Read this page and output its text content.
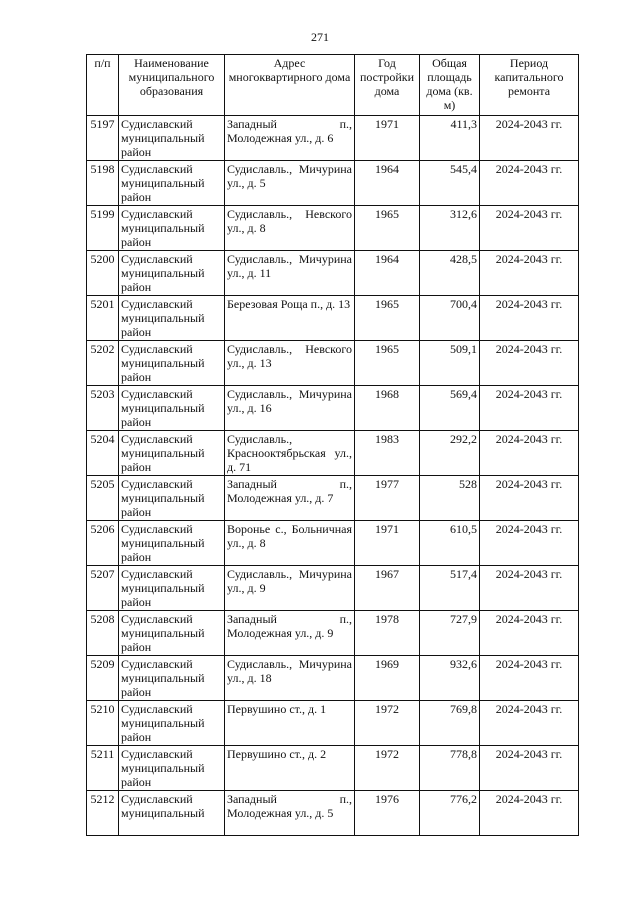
271
п/п	Наименование муниципального образования	Адрес многоквартирного дома	Год постройки дома	Общая площадь дома (кв. м)	Период капитального ремонта
5197	Судиславский муниципальный район	Западный п., Молодежная ул., д. 6	1971	411,3	2024-2043 гг.
5198	Судиславский муниципальный район	Судиславль., Мичурина ул., д. 5	1964	545,4	2024-2043 гг.
5199	Судиславский муниципальный район	Судиславль., Невского ул., д. 8	1965	312,6	2024-2043 гг.
5200	Судиславский муниципальный район	Судиславль., Мичурина ул., д. 11	1964	428,5	2024-2043 гг.
5201	Судиславский муниципальный район	Березовая Роща п., д. 13	1965	700,4	2024-2043 гг.
5202	Судиславский муниципальный район	Судиславль., Невского ул., д. 13	1965	509,1	2024-2043 гг.
5203	Судиславский муниципальный район	Судиславль., Мичурина ул., д. 16	1968	569,4	2024-2043 гг.
5204	Судиславский муниципальный район	Судиславль., Краснооктябрьская ул., д. 71	1983	292,2	2024-2043 гг.
5205	Судиславский муниципальный район	Западный п., Молодежная ул., д. 7	1977	528	2024-2043 гг.
5206	Судиславский муниципальный район	Воронье с., Больничная ул., д. 8	1971	610,5	2024-2043 гг.
5207	Судиславский муниципальный район	Судиславль., Мичурина ул., д. 9	1967	517,4	2024-2043 гг.
5208	Судиславский муниципальный район	Западный п., Молодежная ул., д. 9	1978	727,9	2024-2043 гг.
5209	Судиславский муниципальный район	Судиславль., Мичурина ул., д. 18	1969	932,6	2024-2043 гг.
5210	Судиславский муниципальный район	Первушино ст., д. 1	1972	769,8	2024-2043 гг.
5211	Судиславский муниципальный район	Первушино ст., д. 2	1972	778,8	2024-2043 гг.
5212	Судиславский муниципальный	Западный п., Молодежная ул., д. 5	1976	776,2	2024-2043 гг.
